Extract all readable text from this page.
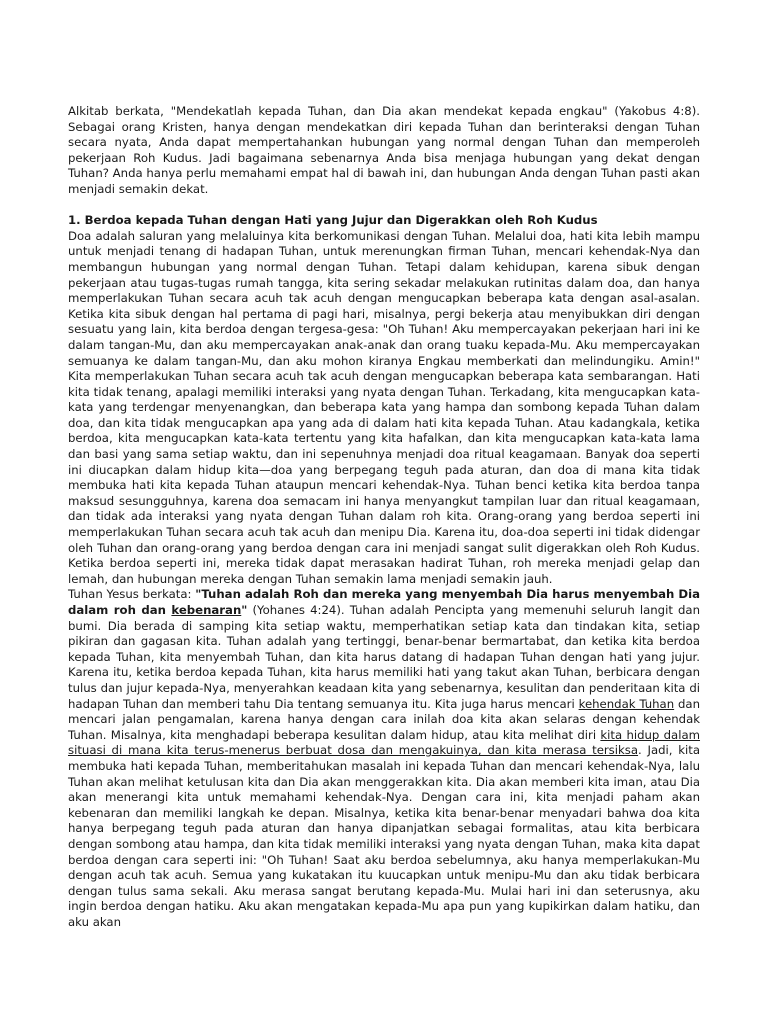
Alkitab berkata, "Mendekatlah kepada Tuhan, dan Dia akan mendekat kepada engkau" (Yakobus 4:8). Sebagai orang Kristen, hanya dengan mendekatkan diri kepada Tuhan dan berinteraksi dengan Tuhan secara nyata, Anda dapat mempertahankan hubungan yang normal dengan Tuhan dan memperoleh pekerjaan Roh Kudus. Jadi bagaimana sebenarnya Anda bisa menjaga hubungan yang dekat dengan Tuhan? Anda hanya perlu memahami empat hal di bawah ini, dan hubungan Anda dengan Tuhan pasti akan menjadi semakin dekat.

1. Berdoa kepada Tuhan dengan Hati yang Jujur dan Digerakkan oleh Roh Kudus

Doa adalah saluran yang melaluinya kita berkomunikasi dengan Tuhan. Melalui doa, hati kita lebih mampu untuk menjadi tenang di hadapan Tuhan, untuk merenungkan firman Tuhan, mencari kehendak-Nya dan membangun hubungan yang normal dengan Tuhan. Tetapi dalam kehidupan, karena sibuk dengan pekerjaan atau tugas-tugas rumah tangga, kita sering sekadar melakukan rutinitas dalam doa, dan hanya memperlakukan Tuhan secara acuh tak acuh dengan mengucapkan beberapa kata dengan asal-asalan. Ketika kita sibuk dengan hal pertama di pagi hari, misalnya, pergi bekerja atau menyibukkan diri dengan sesuatu yang lain, kita berdoa dengan tergesa-gesa: "Oh Tuhan! Aku mempercayakan pekerjaan hari ini ke dalam tangan-Mu, dan aku mempercayakan anak-anak dan orang tuaku kepada-Mu. Aku mempercayakan semuanya ke dalam tangan-Mu, dan aku mohon kiranya Engkau memberkati dan melindungiku. Amin!" Kita memperlakukan Tuhan secara acuh tak acuh dengan mengucapkan beberapa kata sembarangan. Hati kita tidak tenang, apalagi memiliki interaksi yang nyata dengan Tuhan. Terkadang, kita mengucapkan kata-kata yang terdengar menyenangkan, dan beberapa kata yang hampa dan sombong kepada Tuhan dalam doa, dan kita tidak mengucapkan apa yang ada di dalam hati kita kepada Tuhan. Atau kadangkala, ketika berdoa, kita mengucapkan kata-kata tertentu yang kita hafalkan, dan kita mengucapkan kata-kata lama dan basi yang sama setiap waktu, dan ini sepenuhnya menjadi doa ritual keagamaan. Banyak doa seperti ini diucapkan dalam hidup kita—doa yang berpegang teguh pada aturan, dan doa di mana kita tidak membuka hati kita kepada Tuhan ataupun mencari kehendak-Nya. Tuhan benci ketika kita berdoa tanpa maksud sesungguhnya, karena doa semacam ini hanya menyangkut tampilan luar dan ritual keagamaan, dan tidak ada interaksi yang nyata dengan Tuhan dalam roh kita. Orang-orang yang berdoa seperti ini memperlakukan Tuhan secara acuh tak acuh dan menipu Dia. Karena itu, doa-doa seperti ini tidak didengar oleh Tuhan dan orang-orang yang berdoa dengan cara ini menjadi sangat sulit digerakkan oleh Roh Kudus. Ketika berdoa seperti ini, mereka tidak dapat merasakan hadirat Tuhan, roh mereka menjadi gelap dan lemah, dan hubungan mereka dengan Tuhan semakin lama menjadi semakin jauh.

Tuhan Yesus berkata: "Tuhan adalah Roh dan mereka yang menyembah Dia harus menyembah Dia dalam roh dan kebenaran" (Yohanes 4:24). Tuhan adalah Pencipta yang memenuhi seluruh langit dan bumi. Dia berada di samping kita setiap waktu, memperhatikan setiap kata dan tindakan kita, setiap pikiran dan gagasan kita. Tuhan adalah yang tertinggi, benar-benar bermartabat, dan ketika kita berdoa kepada Tuhan, kita menyembah Tuhan, dan kita harus datang di hadapan Tuhan dengan hati yang jujur. Karena itu, ketika berdoa kepada Tuhan, kita harus memiliki hati yang takut akan Tuhan, berbicara dengan tulus dan jujur kepada-Nya, menyerahkan keadaan kita yang sebenarnya, kesulitan dan penderitaan kita di hadapan Tuhan dan memberi tahu Dia tentang semuanya itu. Kita juga harus mencari kehendak Tuhan dan mencari jalan pengamalan, karena hanya dengan cara inilah doa kita akan selaras dengan kehendak Tuhan. Misalnya, kita menghadapi beberapa kesulitan dalam hidup, atau kita melihat diri kita hidup dalam situasi di mana kita terus-menerus berbuat dosa dan mengakuinya, dan kita merasa tersiksa. Jadi, kita membuka hati kepada Tuhan, memberitahukan masalah ini kepada Tuhan dan mencari kehendak-Nya, lalu Tuhan akan melihat ketulusan kita dan Dia akan menggerakkan kita. Dia akan memberi kita iman, atau Dia akan menerangi kita untuk memahami kehendak-Nya. Dengan cara ini, kita menjadi paham akan kebenaran dan memiliki langkah ke depan. Misalnya, ketika kita benar-benar menyadari bahwa doa kita hanya berpegang teguh pada aturan dan hanya dipanjatkan sebagai formalitas, atau kita berbicara dengan sombong atau hampa, dan kita tidak memiliki interaksi yang nyata dengan Tuhan, maka kita dapat berdoa dengan cara seperti ini: "Oh Tuhan! Saat aku berdoa sebelumnya, aku hanya memperlakukan-Mu dengan acuh tak acuh. Semua yang kukatakan itu kuucapkan untuk menipu-Mu dan aku tidak berbicara dengan tulus sama sekali. Aku merasa sangat berutang kepada-Mu. Mulai hari ini dan seterusnya, aku ingin berdoa dengan hatiku. Aku akan mengatakan kepada-Mu apa pun yang kupikirkan dalam hatiku, dan aku akan
